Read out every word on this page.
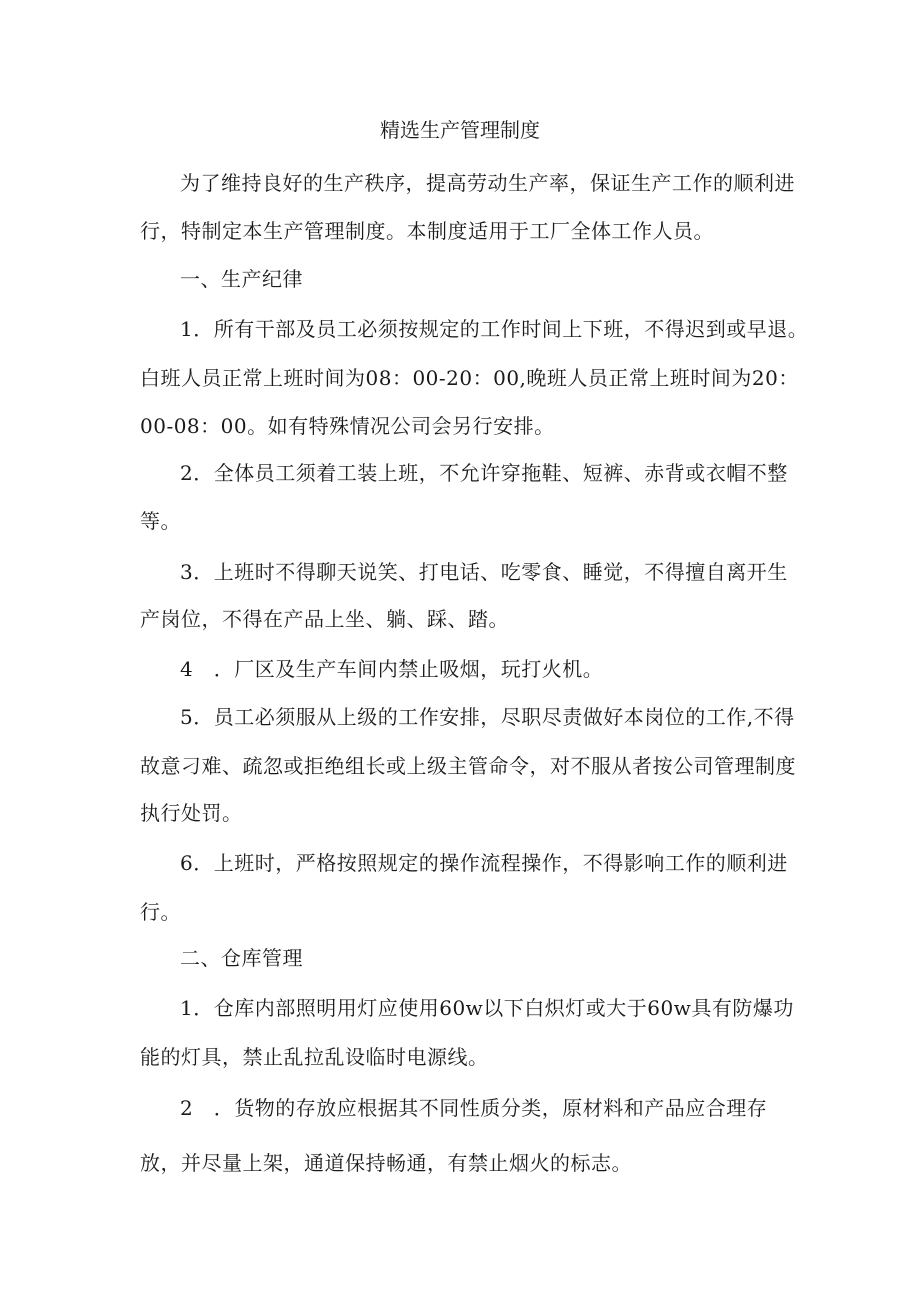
精选生产管理制度
为了维持良好的生产秩序，提高劳动生产率，保证生产工作的顺利进
行，特制定本生产管理制度。本制度适用于工厂全体工作人员。
一、生产纪律
1．所有干部及员工必须按规定的工作时间上下班，不得迟到或早退。
白班人员正常上班时间为08：00-20：00,晚班人员正常上班时间为20：
00-08：00。如有特殊情况公司会另行安排。
2．全体员工须着工装上班，不允许穿拖鞋、短裤、赤背或衣帽不整
等。
3．上班时不得聊天说笑、打电话、吃零食、睡觉，不得擅自离开生
产岗位，不得在产品上坐、躺、踩、踏。
4　．厂区及生产车间内禁止吸烟，玩打火机。
5．员工必须服从上级的工作安排，尽职尽责做好本岗位的工作,不得
故意刁难、疏忽或拒绝组长或上级主管命令，对不服从者按公司管理制度
执行处罚。
6．上班时，严格按照规定的操作流程操作，不得影响工作的顺利进
行。
二、仓库管理
1．仓库内部照明用灯应使用60w以下白炽灯或大于60w具有防爆功
能的灯具，禁止乱拉乱设临时电源线。
2　．货物的存放应根据其不同性质分类，原材料和产品应合理存
放，并尽量上架，通道保持畅通，有禁止烟火的标志。
